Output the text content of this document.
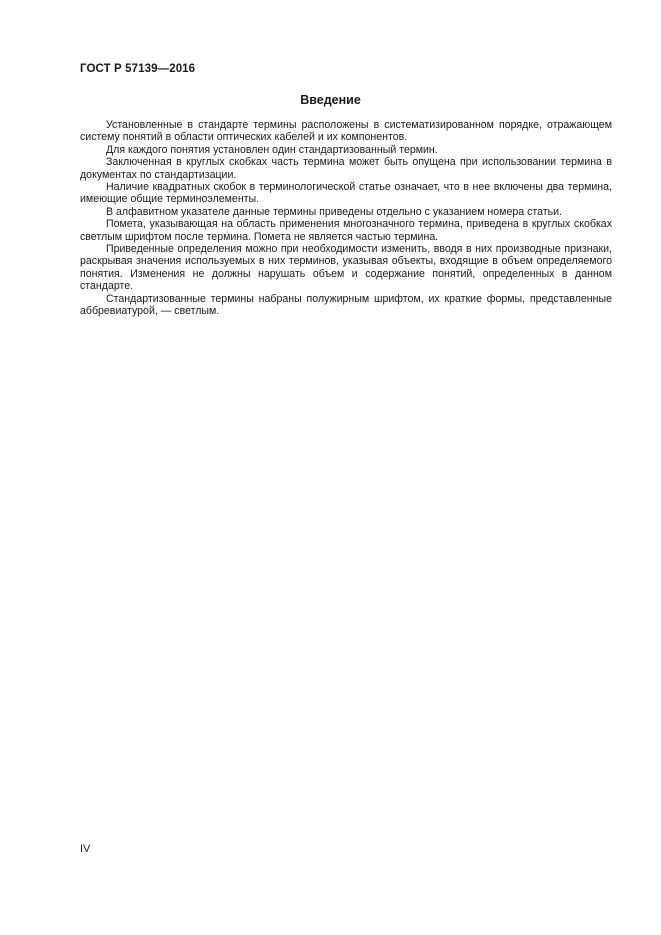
ГОСТ Р 57139—2016
Введение

Установленные в стандарте термины расположены в систематизированном порядке, отражающем систему понятий в области оптических кабелей и их компонентов.

Для каждого понятия установлен один стандартизованный термин.

Заключенная в круглых скобках часть термина может быть опущена при использовании термина в документах по стандартизации.

Наличие квадратных скобок в терминологической статье означает, что в нее включены два термина, имеющие общие терминоэлементы.

В алфавитном указателе данные термины приведены отдельно с указанием номера статьи.

Помета, указывающая на область применения многозначного термина, приведена в круглых скобках светлым шрифтом после термина. Помета не является частью термина.

Приведенные определения можно при необходимости изменить, вводя в них производные признаки, раскрывая значения используемых в них терминов, указывая объекты, входящие в объем определяемого понятия. Изменения не должны нарушать объем и содержание понятий, определенных в данном стандарте.

Стандартизованные термины набраны полужирным шрифтом, их краткие формы, представленные аббревиатурой, — светлым.

IV
